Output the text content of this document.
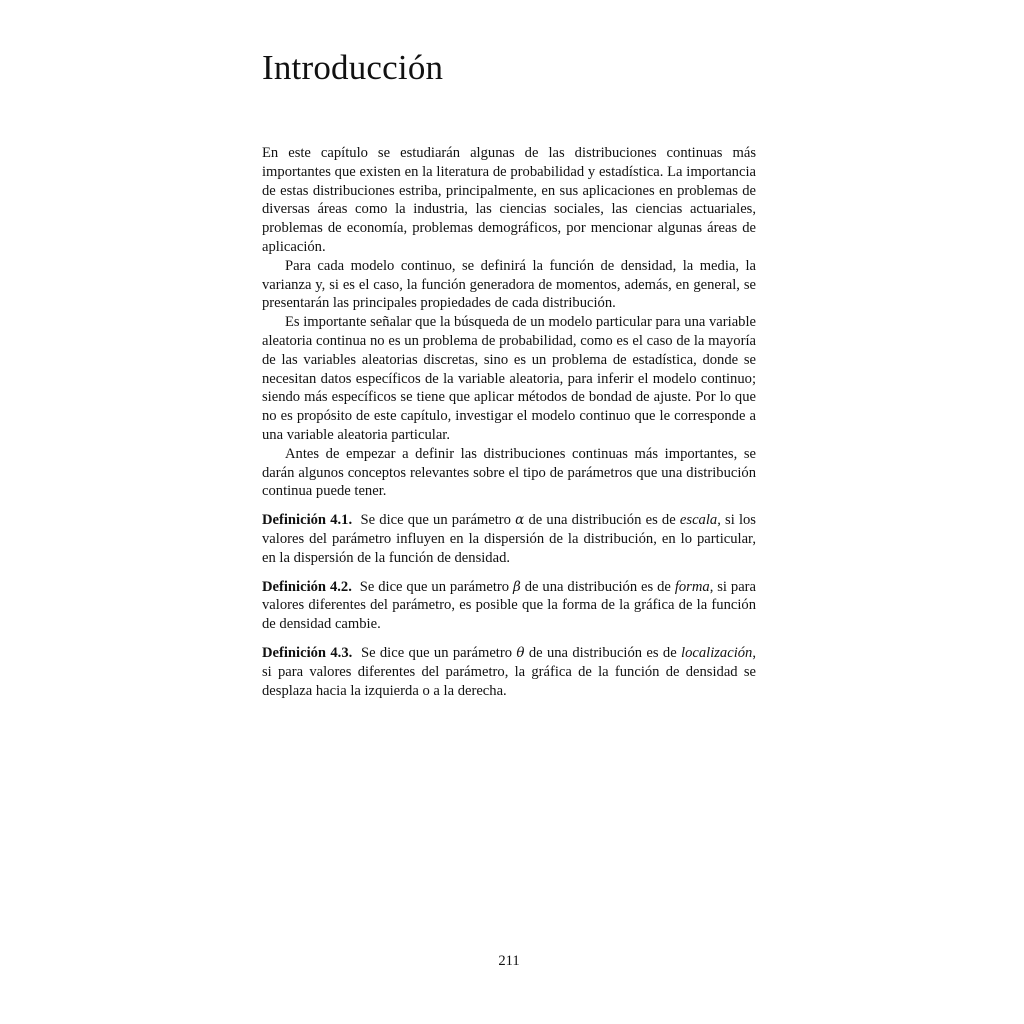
Introducción

En este capítulo se estudiarán algunas de las distribuciones continuas más importantes que existen en la literatura de probabilidad y estadística. La importancia de estas distribuciones estriba, principalmente, en sus aplicaciones en problemas de diversas áreas como la industria, las ciencias sociales, las ciencias actuariales, problemas de economía, problemas demográficos, por mencionar algunas áreas de aplicación.

Para cada modelo continuo, se definirá la función de densidad, la media, la varianza y, si es el caso, la función generadora de momentos, además, en general, se presentarán las principales propiedades de cada distribución.

Es importante señalar que la búsqueda de un modelo particular para una variable aleatoria continua no es un problema de probabilidad, como es el caso de la mayoría de las variables aleatorias discretas, sino es un problema de estadística, donde se necesitan datos específicos de la variable aleatoria, para inferir el modelo continuo; siendo más específicos se tiene que aplicar métodos de bondad de ajuste. Por lo que no es propósito de este capítulo, investigar el modelo continuo que le corresponde a una variable aleatoria particular.

Antes de empezar a definir las distribuciones continuas más importantes, se darán algunos conceptos relevantes sobre el tipo de parámetros que una distribución continua puede tener.

Definición 4.1. Se dice que un parámetro α de una distribución es de escala, si los valores del parámetro influyen en la dispersión de la distribución, en lo particular, en la dispersión de la función de densidad.

Definición 4.2. Se dice que un parámetro β de una distribución es de forma, si para valores diferentes del parámetro, es posible que la forma de la gráfica de la función de densidad cambie.

Definición 4.3. Se dice que un parámetro θ de una distribución es de localización, si para valores diferentes del parámetro, la gráfica de la función de densidad se desplaza hacia la izquierda o a la derecha.

211
